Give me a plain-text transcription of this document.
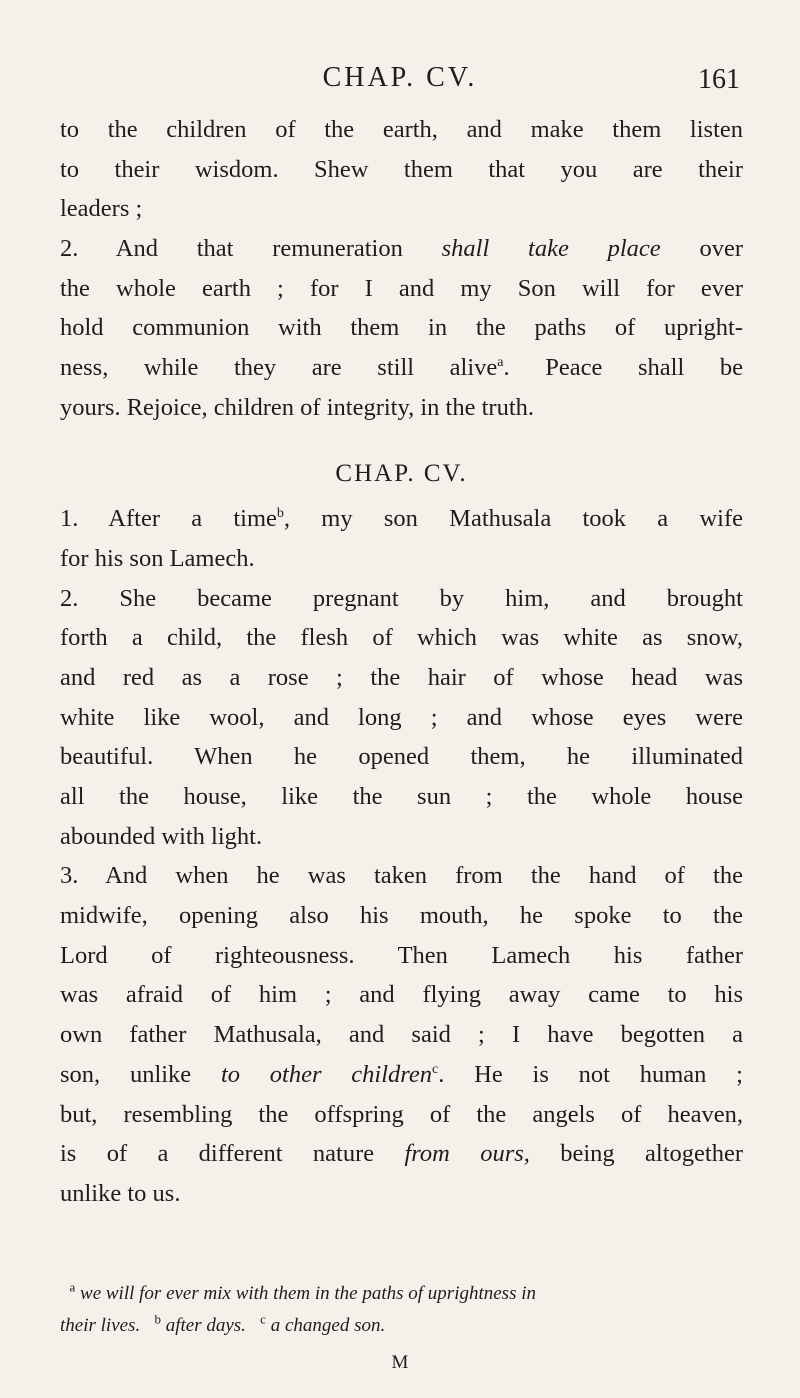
CHAP. CV.	161
to the children of the earth, and make them listen
to their wisdom. Shew them that you are their
leaders ;
2. And that remuneration shall take place over
the whole earth ; for I and my Son will for ever
hold communion with them in the paths of upright-
ness, while they are still alive$^a$. Peace shall be
yours. Rejoice, children of integrity, in the truth.
CHAP. CV.
1. After a time$^b$, my son Mathusala took a wife
for his son Lamech.
2. She became pregnant by him, and brought
forth a child, the flesh of which was white as snow,
and red as a rose ; the hair of whose head was
white like wool, and long ; and whose eyes were
beautiful. When he opened them, he illuminated
all the house, like the sun ; the whole house
abounded with light.
3. And when he was taken from the hand of the
midwife, opening also his mouth, he spoke to the
Lord of righteousness. Then Lamech his father
was afraid of him ; and flying away came to his
own father Mathusala, and said ; I have begotten a
son, unlike to other children$^c$. He is not human ;
but, resembling the offspring of the angels of heaven,
is of a different nature from ours, being altogether
unlike to us.
$^a$ we will for ever mix with them in the paths of uprightness in
their lives. $^b$ after days. $^c$ a changed son.
M
